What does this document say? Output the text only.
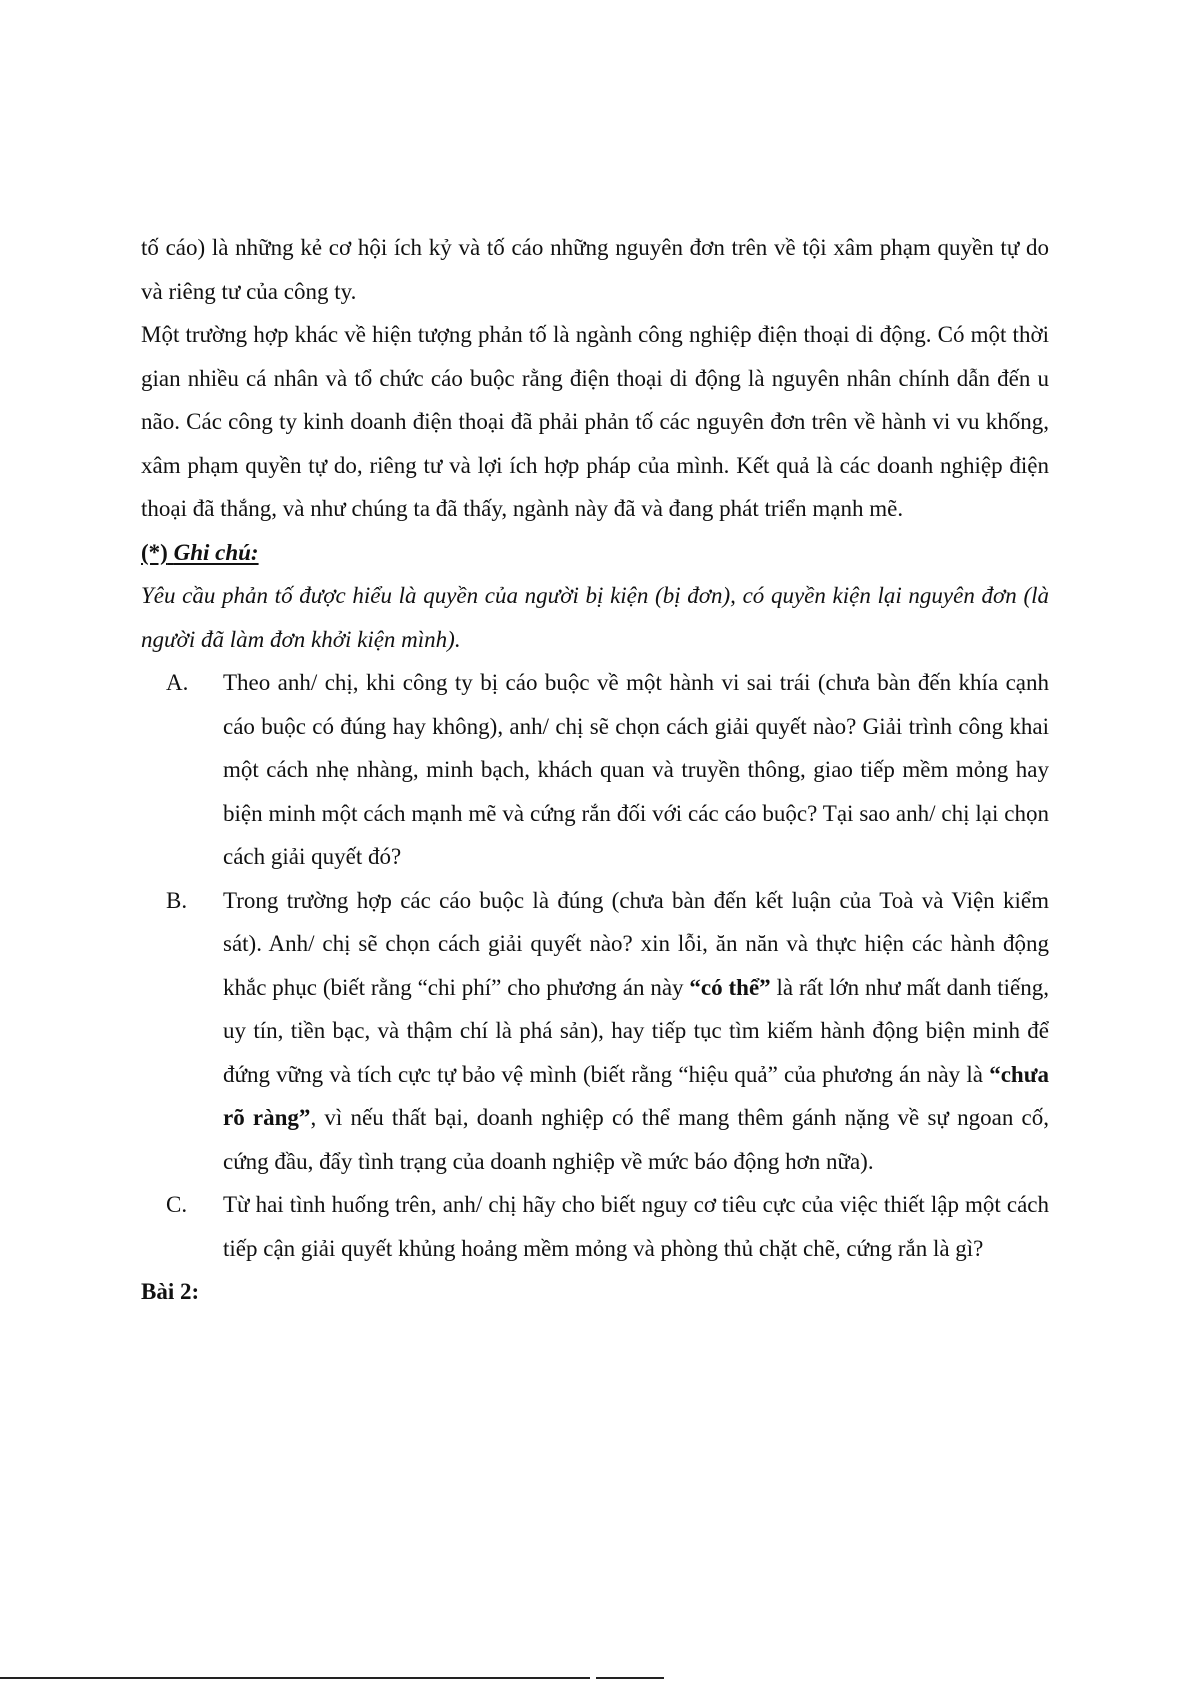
tố cáo) là những kẻ cơ hội ích kỷ và tố cáo những nguyên đơn trên về tội xâm phạm quyền tự do và riêng tư của công ty.

Một trường hợp khác về hiện tượng phản tố là ngành công nghiệp điện thoại di động. Có một thời gian nhiều cá nhân và tổ chức cáo buộc rằng điện thoại di động là nguyên nhân chính dẫn đến u não. Các công ty kinh doanh điện thoại đã phải phản tố các nguyên đơn trên về hành vi vu khống, xâm phạm quyền tự do, riêng tư và lợi ích hợp pháp của mình. Kết quả là các doanh nghiệp điện thoại đã thắng, và như chúng ta đã thấy, ngành này đã và đang phát triển mạnh mẽ.

(*) Ghi chú:

Yêu cầu phản tố được hiểu là quyền của người bị kiện (bị đơn), có quyền kiện lại nguyên đơn (là người đã làm đơn khởi kiện mình).

A. Theo anh/ chị, khi công ty bị cáo buộc về một hành vi sai trái (chưa bàn đến khía cạnh cáo buộc có đúng hay không), anh/ chị sẽ chọn cách giải quyết nào? Giải trình công khai một cách nhẹ nhàng, minh bạch, khách quan và truyền thông, giao tiếp mềm mỏng hay biện minh một cách mạnh mẽ và cứng rắn đối với các cáo buộc? Tại sao anh/ chị lại chọn cách giải quyết đó?
B. Trong trường hợp các cáo buộc là đúng (chưa bàn đến kết luận của Toà và Viện kiểm sát). Anh/ chị sẽ chọn cách giải quyết nào? xin lỗi, ăn năn và thực hiện các hành động khắc phục (biết rằng “chi phí” cho phương án này “có thể” là rất lớn như mất danh tiếng, uy tín, tiền bạc, và thậm chí là phá sản), hay tiếp tục tìm kiếm hành động biện minh để đứng vững và tích cực tự bảo vệ mình (biết rằng “hiệu quả” của phương án này là “chưa rõ ràng”, vì nếu thất bại, doanh nghiệp có thể mang thêm gánh nặng về sự ngoan cố, cứng đầu, đẩy tình trạng của doanh nghiệp về mức báo động hơn nữa).
C. Từ hai tình huống trên, anh/ chị hãy cho biết nguy cơ tiêu cực của việc thiết lập một cách tiếp cận giải quyết khủng hoảng mềm mỏng và phòng thủ chặt chẽ, cứng rắn là gì?

Bài 2:
